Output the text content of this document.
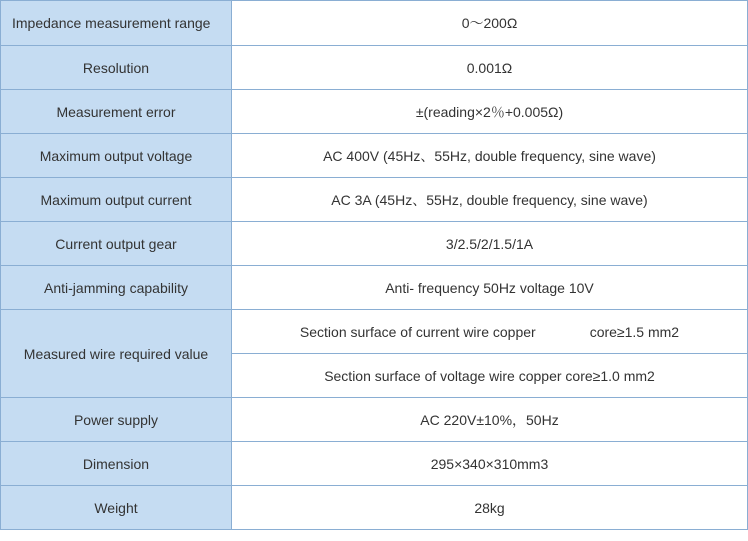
Impedance measurement range	0～200Ω
Resolution	0.001Ω
Measurement error	±(reading×2％+0.005Ω)
Maximum output voltage	AC 400V (45Hz、55Hz, double frequency, sine wave)
Maximum output current	AC 3A (45Hz、55Hz, double frequency, sine wave)
Current output gear	3/2.5/2/1.5/1A
Anti-jamming capability	Anti- frequency 50Hz voltage 10V
Measured wire required value	Section surface of current wire copper core≥1.5 mm2
	Section surface of voltage wire copper core≥1.0 mm2
Power supply	AC 220V±10%，50Hz
Dimension	295×340×310mm3
Weight	28kg
